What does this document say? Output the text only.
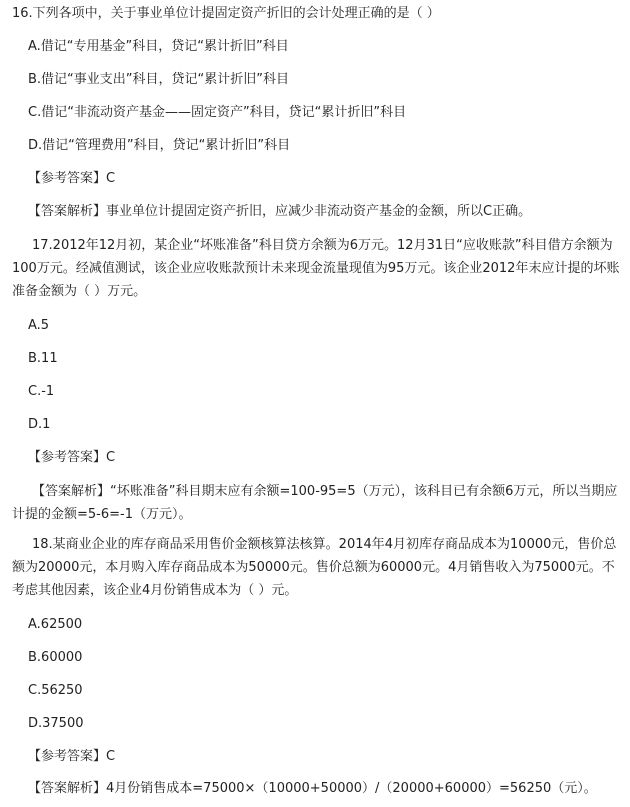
16.下列各项中，关于事业单位计提固定资产折旧的会计处理正确的是（ ）
A.借记“专用基金”科目，贷记“累计折旧”科目
B.借记“事业支出”科目，贷记“累计折旧”科目
C.借记“非流动资产基金——固定资产”科目，贷记“累计折旧”科目
D.借记“管理费用”科目，贷记“累计折旧”科目
【参考答案】C
【答案解析】事业单位计提固定资产折旧，应减少非流动资产基金的金额，所以C正确。
17.2012年12月初，某企业“坏账准备”科目贷方余额为6万元。12月31日“应收账款”科目借方余额为100万元。经减值测试，该企业应收账款预计未来现金流量现值为95万元。该企业2012年末应计提的坏账准备金额为（ ）万元。
A.5
B.11
C.-1
D.1
【参考答案】C
【答案解析】“坏账准备”科目期末应有余额=100-95=5（万元），该科目已有余额6万元，所以当期应计提的金额=5-6=-1（万元）。
18.某商业企业的库存商品采用售价金额核算法核算。2014年4月初库存商品成本为10000元，售价总额为20000元，本月购入库存商品成本为50000元。售价总额为60000元。4月销售收入为75000元。不考虑其他因素，该企业4月份销售成本为（ ）元。
A.62500
B.60000
C.56250
D.37500
【参考答案】C
【答案解析】4月份销售成本=75000×（10000+50000）/（20000+60000）=56250（元）。
